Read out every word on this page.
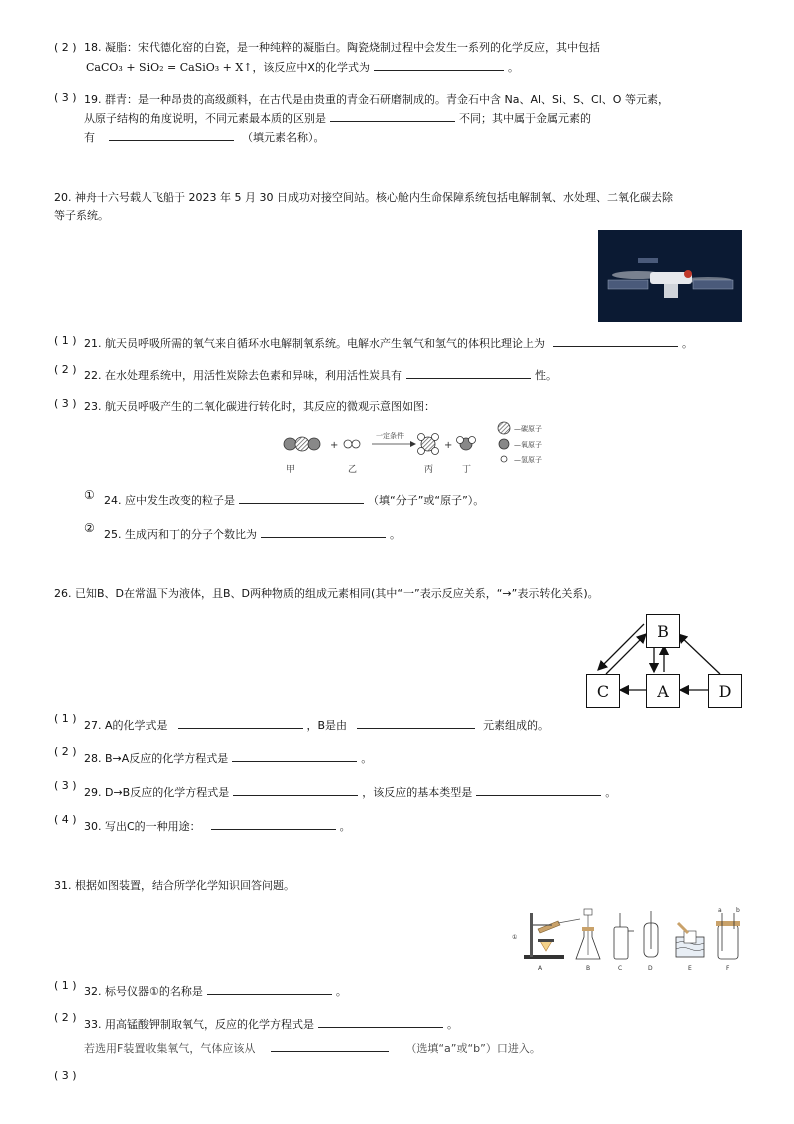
( 2 ) 18. 凝脂：宋代德化窑的白瓷，是一种纯粹的凝脂白。陶瓷烧制过程中会发生一系列的化学反应，其中包括
CaCO₃ + SiO₂ = CaSiO₃ + X↑，该反应中X的化学式为	。
( 3 ) 19. 群青：是一种昂贵的高级颜料，在古代是由贵重的青金石研磨制成的。青金石中含 Na、Al、Si、S、Cl、O 等元素，
从原子结构的角度说明，不同元素最本质的区别是	不同；其中属于金属元素的
有	（填元素名称）。
20. 神舟十六号载人飞船于 2023 年 5 月 30 日成功对接空间站。核心舱内生命保障系统包括电解制氧、水处理、二氧化碳去除
等子系统。
( 1 ) 21. 航天员呼吸所需的氧气来自循环水电解制氧系统。电解水产生氧气和氢气的体积比理论上为	。
( 2 ) 22. 在水处理系统中，用活性炭除去色素和异味，利用活性炭具有	性。
( 3 ) 23. 航天员呼吸产生的二氧化碳进行转化时，其反应的微观示意图如图：
+
一定条件
+
甲	乙	丙	丁
—碳原子
—氧原子
—氢原子
① 24. 应中发生改变的粒子是	（填“分子”或“原子”）。
② 25. 生成丙和丁的分子个数比为	。
26. 已知B、D在常温下为液体，且B、D两种物质的组成元素相同(其中“一”表示反应关系，“→”表示转化关系)。
B
C	A	D
( 1 )
27. A的化学式是	，B是由	元素组成的。
( 2 )
28. B→A反应的化学方程式是	。
( 3 )
29. D→B反应的化学方程式是	，该反应的基本类型是	。
( 4 )
30. 写出C的一种用途：	。
31. 根据如图装置，结合所学化学知识回答问题。
①
a b
A	B	C	D	E	F
( 1 ) 32. 标号仪器①的名称是	。
( 2 )
33. 用高锰酸钾制取氧气，反应的化学方程式是	。
若选用F装置收集氧气，气体应该从	（选填“a”或“b”）口进入。
( 3 )
